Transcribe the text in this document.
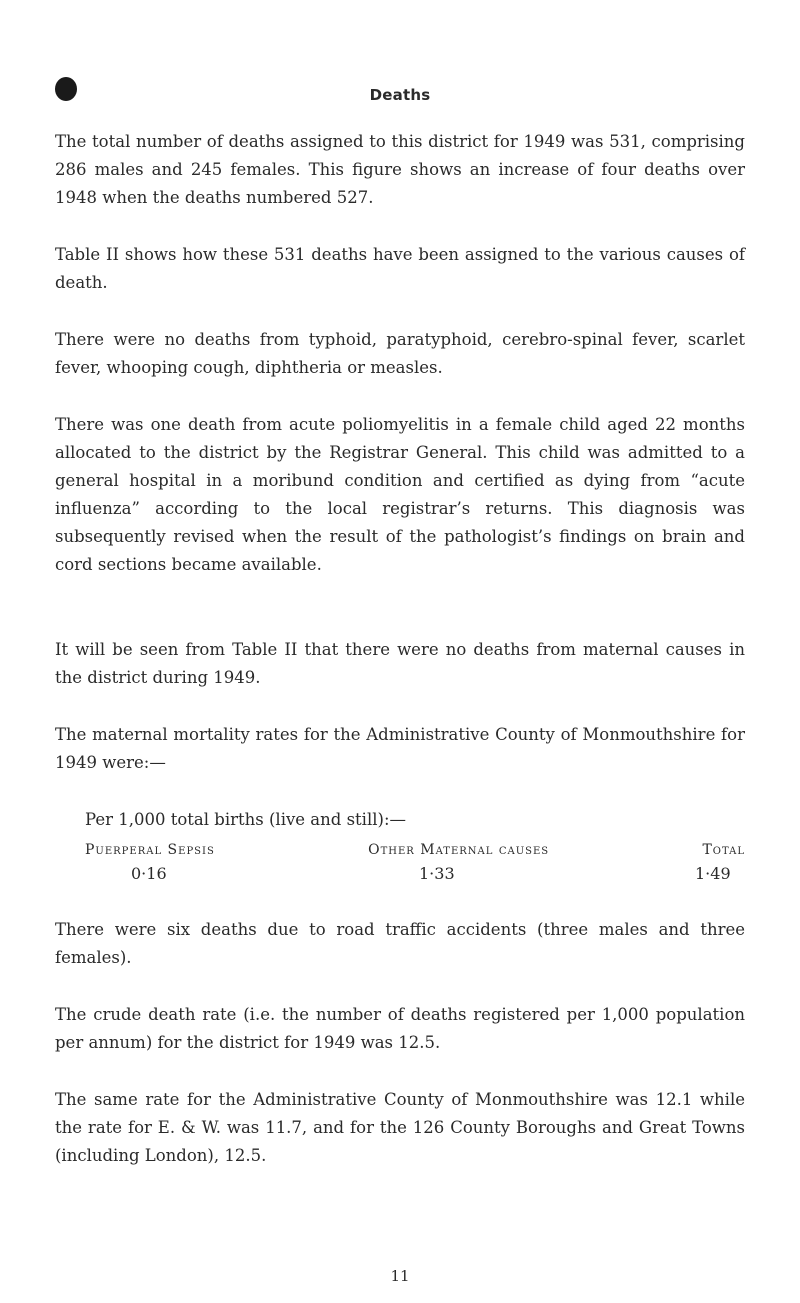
Deaths

The total number of deaths assigned to this district for 1949 was 531, comprising 286 males and 245 females. This figure shows an increase of four deaths over 1948 when the deaths numbered 527.

Table II shows how these 531 deaths have been assigned to the various causes of death.

There were no deaths from typhoid, paratyphoid, cerebro-spinal fever, scarlet fever, whooping cough, diphtheria or measles.

There was one death from acute poliomyelitis in a female child aged 22 months allocated to the district by the Registrar General. This child was admitted to a general hospital in a moribund condition and certified as dying from “acute influenza” according to the local registrar’s returns. This diagnosis was subsequently revised when the result of the pathologist’s findings on brain and cord sections became available.

It will be seen from Table II that there were no deaths from maternal causes in the district during 1949.

The maternal mortality rates for the Administrative County of Monmouthshire for 1949 were:—

Per 1,000 total births (live and still):—

Puerperal Sepsis	Other Maternal causes	Total
0·16	1·33	1·49

There were six deaths due to road traffic accidents (three males and three females).

The crude death rate (i.e. the number of deaths registered per 1,000 population per annum) for the district for 1949 was 12.5.

The same rate for the Administrative County of Monmouthshire was 12.1 while the rate for E. & W. was 11.7, and for the 126 County Boroughs and Great Towns (including London), 12.5.

11
